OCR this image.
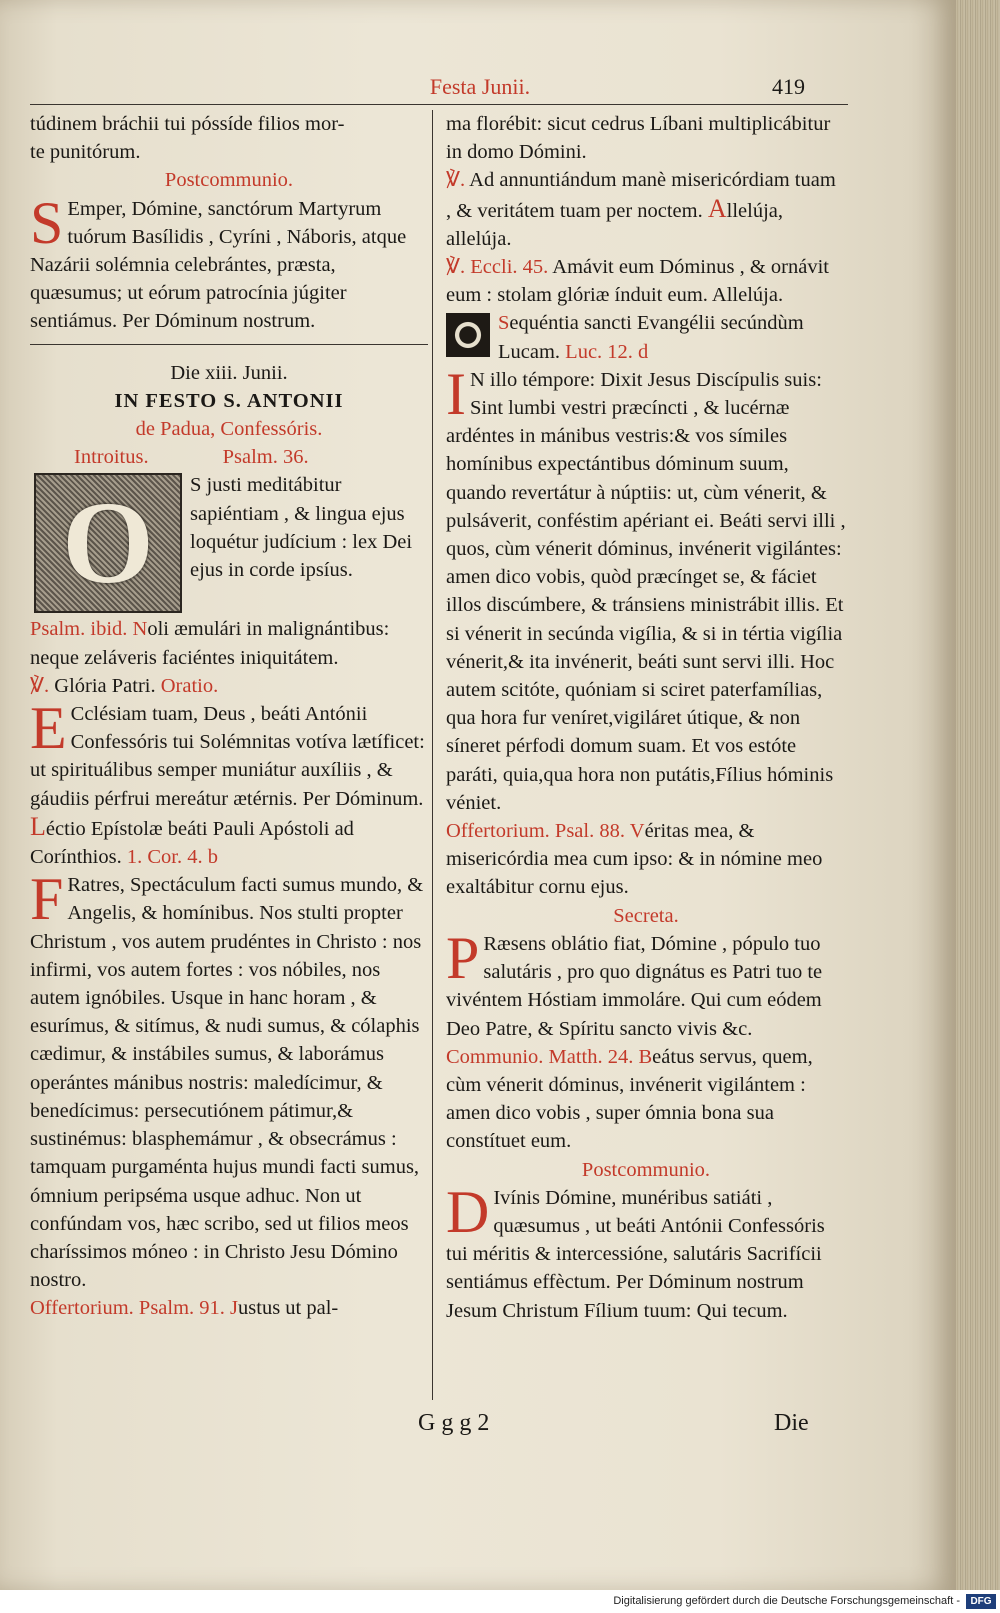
Festa Junii.	419

túdinem bráchii tui póssíde filios mor-

te punitórum.

Postcommunio.

S Emper, Dómine, sanctórum Martyrum tuórum Basílidis , Cyríni , Náboris, atque Nazárii solémnia celebrántes, præsta, quæsumus; ut eórum patrocínia júgiter sentiámus. Per Dóminum nostrum.

Die xiii. Junii.

IN FESTO S. ANTONII

de Padua, Confessóris.

Introitus.	Psalm. 36.

O	S justi meditábitur sapiéntiam , & lingua ejus loquétur judícium : lex Dei ejus in corde ipsíus.

Psalm. ibid. Noli æmulári in malignántibus: neque zeláveris faciéntes iniquitátem.

℣. Glória Patri. Oratio.

E Cclésiam tuam, Deus , beáti Antónii Confessóris tui Solémnitas votíva lætíficet: ut spirituálibus semper muniátur auxíliis , & gáudiis pérfrui mereátur ætérnis. Per Dóminum.

Léctio Epístolæ beáti Pauli Apóstoli ad Corínthios. 1. Cor. 4. b

F Ratres, Spectáculum facti sumus mundo, & Angelis, & homínibus. Nos stulti propter Christum , vos autem prudéntes in Christo : nos infirmi, vos autem fortes : vos nóbiles, nos autem ignóbiles. Usque in hanc horam , & esurímus, & sitímus, & nudi sumus, & cólaphis cædimur, & instábiles sumus, & laborámus operántes mánibus nostris: maledícimur, & benedícimus: persecutiónem pátimur,& sustinémus: blasphemámur , & obsecrámus : tamquam purgaménta hujus mundi facti sumus, ómnium peripséma usque adhuc. Non ut confúndam vos, hæc scribo, sed ut filios meos charíssimos móneo : in Christo Jesu Dómino nostro.

Offertorium. Psalm. 91. Justus ut pal-

ma florébit: sicut cedrus Líbani multiplicábitur in domo Dómini.

℣. Ad annuntiándum manè misericórdiam tuam , & veritátem tuam per noctem. Allelúja, allelúja.

℣. Eccli. 45. Amávit eum Dóminus , & ornávit eum : stolam glóriæ índuit eum. Allelúja.

Sequéntia sancti Evangélii secúndùm Lucam. Luc. 12. d

I N illo témpore: Dixit Jesus Discípulis suis: Sint lumbi vestri præcíncti , & lucérnæ ardéntes in mánibus vestris:& vos símiles homínibus expectántibus dóminum suum, quando revertátur à núptiis: ut, cùm vénerit, & pulsáverit, conféstim apériant ei. Beáti servi illi , quos, cùm vénerit dóminus, invénerit vigilántes: amen dico vobis, quòd præcínget se, & fáciet illos discúmbere, & tránsiens ministrábit illis. Et si vénerit in secúnda vigília, & si in tértia vigília vénerit,& ita invénerit, beáti sunt servi illi. Hoc autem scitóte, quóniam si sciret paterfamílias, qua hora fur veníret,vigiláret útique, & non síneret pérfodi domum suam. Et vos estóte paráti, quia,qua hora non putátis,Fílius hóminis véniet.

Offertorium. Psal. 88. Véritas mea, & misericórdia mea cum ipso: & in nómine meo exaltábitur cornu ejus.

Secreta.

P Ræsens oblátio fiat, Dómine , pópulo tuo salutáris , pro quo dignátus es Patri tuo te vivéntem Hóstiam immoláre. Qui cum eódem Deo Patre, & Spíritu sancto vivis &c.

Communio. Matth. 24. Beátus servus, quem, cùm vénerit dóminus, invénerit vigilántem : amen dico vobis , super ómnia bona sua constítuet eum.

Postcommunio.

D Ivínis Dómine, munéribus satiáti , quæsumus , ut beáti Antónii Confessóris tui méritis & intercessióne, salutáris Sacrifícii sentiámus effèctum. Per Dóminum nostrum Jesum Christum Fílium tuum: Qui tecum.

G g g 2	Die
Digitalisierung gefördert durch die Deutsche Forschungsgemeinschaft -	DFG
